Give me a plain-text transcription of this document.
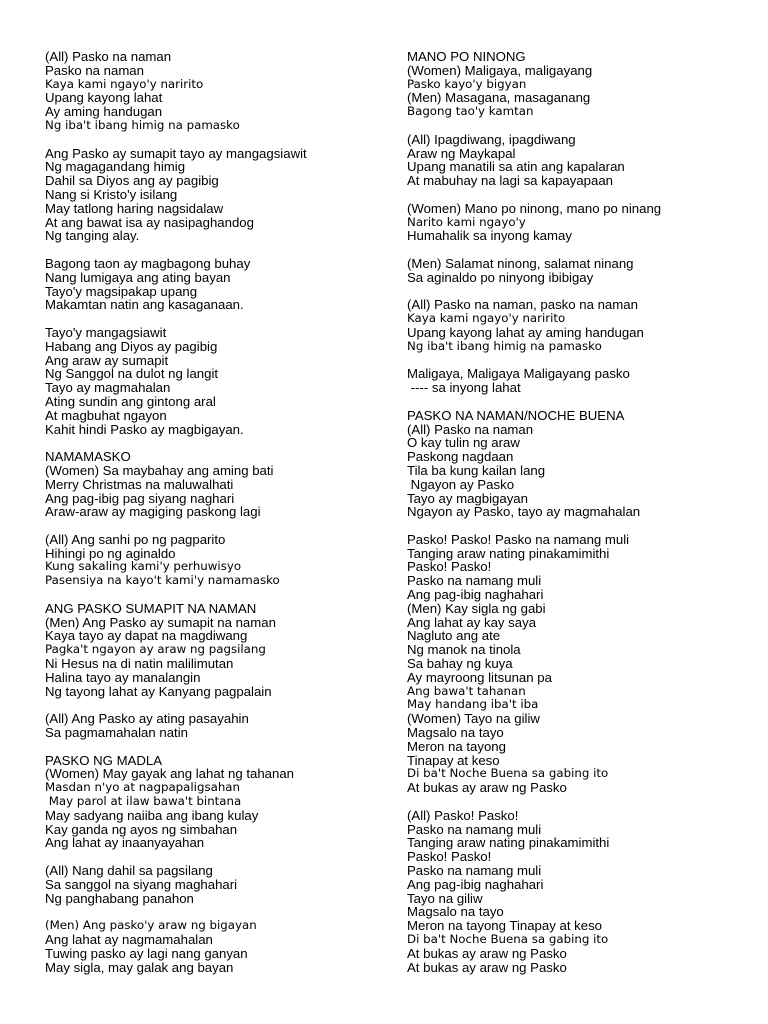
(All) Pasko na naman
Pasko na naman
Kaya kami ngayo'y naririto
Upang kayong lahat
Ay aming handugan
Ng iba't ibang himig na pamasko
Ang Pasko ay sumapit tayo ay mangagsiawit
Ng magagandang himig
Dahil sa Diyos ang ay pagibig
Nang si Kristo'y isilang
May tatlong haring nagsidalaw
At ang bawat isa ay nasipaghandog
Ng tanging alay.
Bagong taon ay magbagong buhay
Nang lumigaya ang ating bayan
Tayo'y magsipakap upang
Makamtan natin ang kasaganaan.
Tayo'y mangagsiawit
Habang ang Diyos ay pagibig
Ang araw ay sumapit
Ng Sanggol na dulot ng langit
Tayo ay magmahalan
Ating sundin ang gintong aral
At magbuhat ngayon
Kahit hindi Pasko ay magbigayan.
NAMAMASKO
(Women) Sa maybahay ang aming bati
Merry Christmas na maluwalhati
Ang pag-ibig pag siyang naghari
Araw-araw ay magiging paskong lagi
(All) Ang sanhi po ng pagparito
Hihingi po ng aginaldo
Kung sakaling kami'y perhuwisyo
Pasensiya na kayo't kami'y namamasko
ANG PASKO SUMAPIT NA NAMAN
(Men) Ang Pasko ay sumapit na naman
Kaya tayo ay dapat na magdiwang
Pagka't ngayon ay araw ng pagsilang
Ni Hesus na di natin malilimutan
Halina tayo ay manalangin
Ng tayong lahat ay Kanyang pagpalain
(All) Ang Pasko ay ating pasayahin
Sa pagmamahalan natin
PASKO NG MADLA
(Women) May gayak ang lahat ng tahanan
Masdan n'yo at nagpapaligsahan
May parol at ilaw bawa't bintana
May sadyang naiiba ang ibang kulay
Kay ganda ng ayos ng simbahan
Ang lahat ay inaanyayahan
(All) Nang dahil sa pagsilang
Sa sanggol na siyang maghahari
Ng panghabang panahon
(Men) Ang pasko'y araw ng bigayan
Ang lahat ay nagmamahalan
Tuwing pasko ay lagi nang ganyan
May sigla, may galak ang bayan
MANO PO NINONG
(Women) Maligaya, maligayang
Pasko kayo'y bigyan
(Men) Masagana, masaganang
Bagong tao'y kamtan
(All) Ipagdiwang, ipagdiwang
Araw ng Maykapal
Upang manatili sa atin ang kapalaran
At mabuhay na lagi sa kapayapaan
(Women) Mano po ninong, mano po ninang
Narito kami ngayo'y
Humahalik sa inyong kamay
(Men) Salamat ninong, salamat ninang
Sa aginaldo po ninyong ibibigay
(All) Pasko na naman, pasko na naman
Kaya kami ngayo'y naririto
Upang kayong lahat ay aming handugan
Ng iba't ibang himig na pamasko
Maligaya, Maligaya Maligayang pasko
---- sa inyong lahat
PASKO NA NAMAN/NOCHE BUENA
(All) Pasko na naman
O kay tulin ng araw
Paskong nagdaan
Tila ba kung kailan lang
Ngayon ay Pasko
Tayo ay magbigayan
Ngayon ay Pasko, tayo ay magmahalan
Pasko! Pasko! Pasko na namang muli
Tanging araw nating pinakamimithi
Pasko! Pasko!
Pasko na namang muli
Ang pag-ibig naghahari
(Men) Kay sigla ng gabi
Ang lahat ay kay saya
Nagluto ang ate
Ng manok na tinola
Sa bahay ng kuya
Ay mayroong litsunan pa
Ang bawa't tahanan
May handang iba't iba
(Women) Tayo na giliw
Magsalo na tayo
Meron na tayong
Tinapay at keso
Di ba't Noche Buena sa gabing ito
At bukas ay araw ng Pasko
(All) Pasko! Pasko!
Pasko na namang muli
Tanging araw nating pinakamimithi
Pasko! Pasko!
Pasko na namang muli
Ang pag-ibig naghahari
Tayo na giliw
Magsalo na tayo
Meron na tayong Tinapay at keso
Di ba't Noche Buena sa gabing ito
At bukas ay araw ng Pasko
At bukas ay araw ng Pasko
